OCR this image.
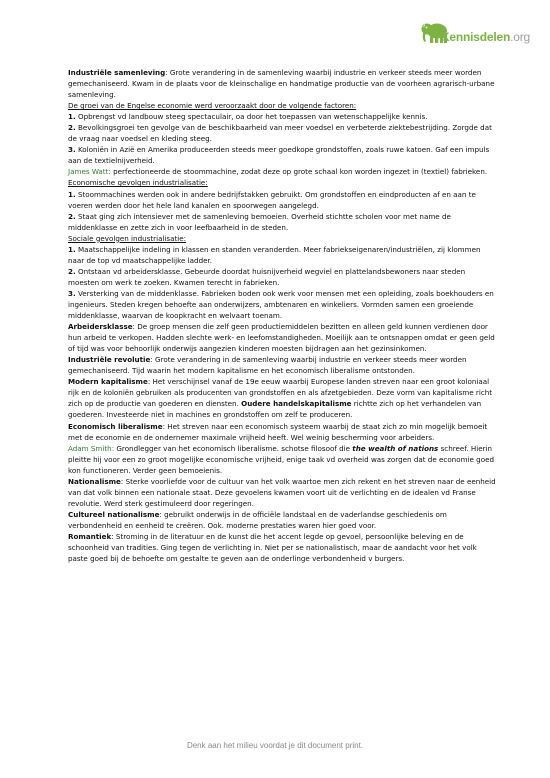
Kennisdelen.org

Industriële samenleving: Grote verandering in de samenleving waarbij industrie en verkeer steeds meer worden gemechaniseerd. Kwam in de plaats voor de kleinschalige en handmatige productie van de voorheen agrarisch-urbane samenleving.

De groei van de Engelse economie werd veroorzaakt door de volgende factoren:

1. Opbrengst vd landbouw steeg spectaculair, oa door het toepassen van wetenschappelijke kennis.

2. Bevolkingsgroei ten gevolge van de beschikbaarheid van meer voedsel en verbeterde ziektebestrijding. Zorgde dat de vraag naar voedsel en kleding steeg.

3. Koloniën in Azië en Amerika produceerden steeds meer goedkope grondstoffen, zoals ruwe katoen. Gaf een impuls aan de textielnijverheid.

James Watt: perfectioneerde de stoommachine, zodat deze op grote schaal kon worden ingezet in (textiel) fabrieken.

Economische gevolgen industrialisatie:

1. Stoommachines werden ook in andere bedrijfstakken gebruikt. Om grondstoffen en eindproducten af en aan te voeren werden door het hele land kanalen en spoorwegen aangelegd.

2. Staat ging zich intensiever met de samenleving bemoeien. Overheid stichtte scholen voor met name de middenklasse en zette zich in voor leefbaarheid in de steden.

Sociale gevolgen industrialisatie:

1. Maatschappelijke indeling in klassen en standen veranderden. Meer fabriekseigenaren/industriëlen, zij klommen naar de top vd maatschappelijke ladder.

2. Ontstaan vd arbeidersklasse. Gebeurde doordat huisnijverheid wegviel en plattelandsbewoners naar steden moesten om werk te zoeken. Kwamen terecht in fabrieken.

3. Versterking van de middenklasse. Fabrieken boden ook werk voor mensen met een opleiding, zoals boekhouders en ingenieurs. Steden kregen behoefte aan onderwijzers, ambtenaren en winkeliers. Vormden samen een groeiende middenklasse, waarvan de koopkracht en welvaart toenam.

Arbeidersklasse: De groep mensen die zelf geen productiemiddelen bezitten en alleen geld kunnen verdienen door hun arbeid te verkopen. Hadden slechte werk- en leefomstandigheden. Moeilijk aan te ontsnappen omdat er geen geld of tijd was voor behoorlijk onderwijs aangezien kinderen moesten bijdragen aan het gezinsinkomen.

Industriële revolutie: Grote verandering in de samenleving waarbij industrie en verkeer steeds meer worden gemechaniseerd. Tijd waarin het modern kapitalisme en het economisch liberalisme ontstonden.

Modern kapitalisme: Het verschijnsel vanaf de 19e eeuw waarbij Europese landen streven naar een groot koloniaal rijk en de koloniën gebruiken als producenten van grondstoffen en als afzetgebieden. Deze vorm van kapitalisme richt zich op de productie van goederen en diensten. Oudere handelskapitalisme richtte zich op het verhandelen van goederen. Investeerde niet in machines en grondstoffen om zelf te produceren.

Economisch liberalisme: Het streven naar een economisch systeem waarbij de staat zich zo min mogelijk bemoeit met de economie en de ondernemer maximale vrijheid heeft. Wel weinig bescherming voor arbeiders.

Adam Smith: Grondlegger van het economisch liberalisme. schotse filosoof die the wealth of nations schreef. Hierin pleitte hij voor een zo groot mogelijke economische vrijheid, enige taak vd overheid was zorgen dat de economie goed kon functioneren. Verder geen bemoeienis.

Nationalisme: Sterke voorliefde voor de cultuur van het volk waartoe men zich rekent en het streven naar de eenheid van dat volk binnen een nationale staat. Deze gevoelens kwamen voort uit de verlichting en de idealen vd Franse revolutie. Werd sterk gestimuleerd door regeringen.

Cultureel nationalisme: gebruikt onderwijs in de officiële landstaal en de vaderlandse geschiedenis om verbondenheid en eenheid te creëren. Ook. moderne prestaties waren hier goed voor.

Romantiek: Stroming in de literatuur en de kunst die het accent legde op gevoel, persoonlijke beleving en de schoonheid van tradities. Ging tegen de verlichting in. Niet per se nationalistisch, maar de aandacht voor het volk paste goed bij de behoefte om gestalte te geven aan de onderlinge verbondenheid v burgers.

Denk aan het milieu voordat je dit document print.
